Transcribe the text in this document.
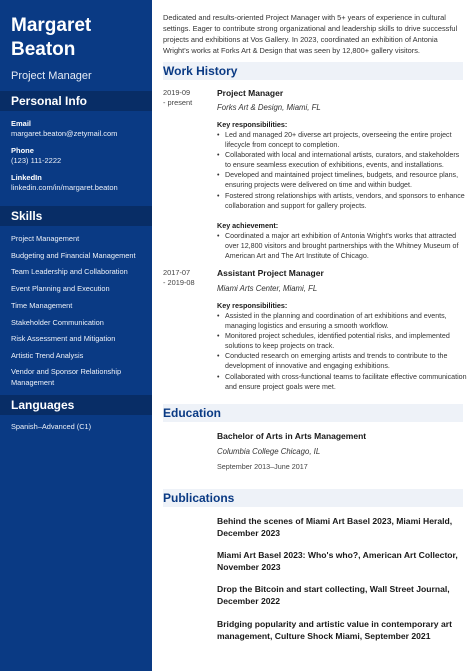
Margaret
Beaton
Project Manager
Personal Info
Email
margaret.beaton@zetymail.com
Phone
(123) 111-2222
LinkedIn
linkedin.com/in/margaret.beaton
Skills
Project Management
Budgeting and Financial Management
Team Leadership and Collaboration
Event Planning and Execution
Time Management
Stakeholder Communication
Risk Assessment and Mitigation
Artistic Trend Analysis
Vendor and Sponsor Relationship Management
Languages
Spanish–Advanced (C1)
Dedicated and results-oriented Project Manager with 5+ years of experience in cultural settings. Eager to contribute strong organizational and leadership skills to drive successful projects and exhibitions at Vos Gallery. In 2023, coordinated an exhibition of Antonia Wright's works at Forks Art & Design that was seen by 12,800+ gallery visitors.
Work History
2019-09
- present
Project Manager
Forks Art & Design, Miami, FL
Key responsibilities:
• Led and managed 20+ diverse art projects, overseeing the entire project lifecycle from concept to completion.
• Collaborated with local and international artists, curators, and stakeholders to ensure seamless execution of exhibitions, events, and installations.
• Developed and maintained project timelines, budgets, and resource plans, ensuring projects were delivered on time and within budget.
• Fostered strong relationships with artists, vendors, and sponsors to enhance collaboration and support for gallery projects.
Key achievement:
• Coordinated a major art exhibition of Antonia Wright's works that attracted over 12,800 visitors and brought partnerships with the Whitney Museum of American Art and The Art Institute of Chicago.
2017-07
- 2019-08
Assistant Project Manager
Miami Arts Center, Miami, FL
Key responsibilities:
• Assisted in the planning and coordination of art exhibitions and events, managing logistics and ensuring a smooth workflow.
• Monitored project schedules, identified potential risks, and implemented solutions to keep projects on track.
• Conducted research on emerging artists and trends to contribute to the development of innovative and engaging exhibitions.
• Collaborated with cross-functional teams to facilitate effective communication and ensure project goals were met.
Education
Bachelor of Arts in Arts Management
Columbia College Chicago, IL
September 2013–June 2017
Publications
Behind the scenes of Miami Art Basel 2023, Miami Herald, December 2023
Miami Art Basel 2023: Who's who?, American Art Collector, November 2023
Drop the Bitcoin and start collecting, Wall Street Journal, December 2022
Bridging popularity and artistic value in contemporary art management, Culture Shock Miami, September 2021
